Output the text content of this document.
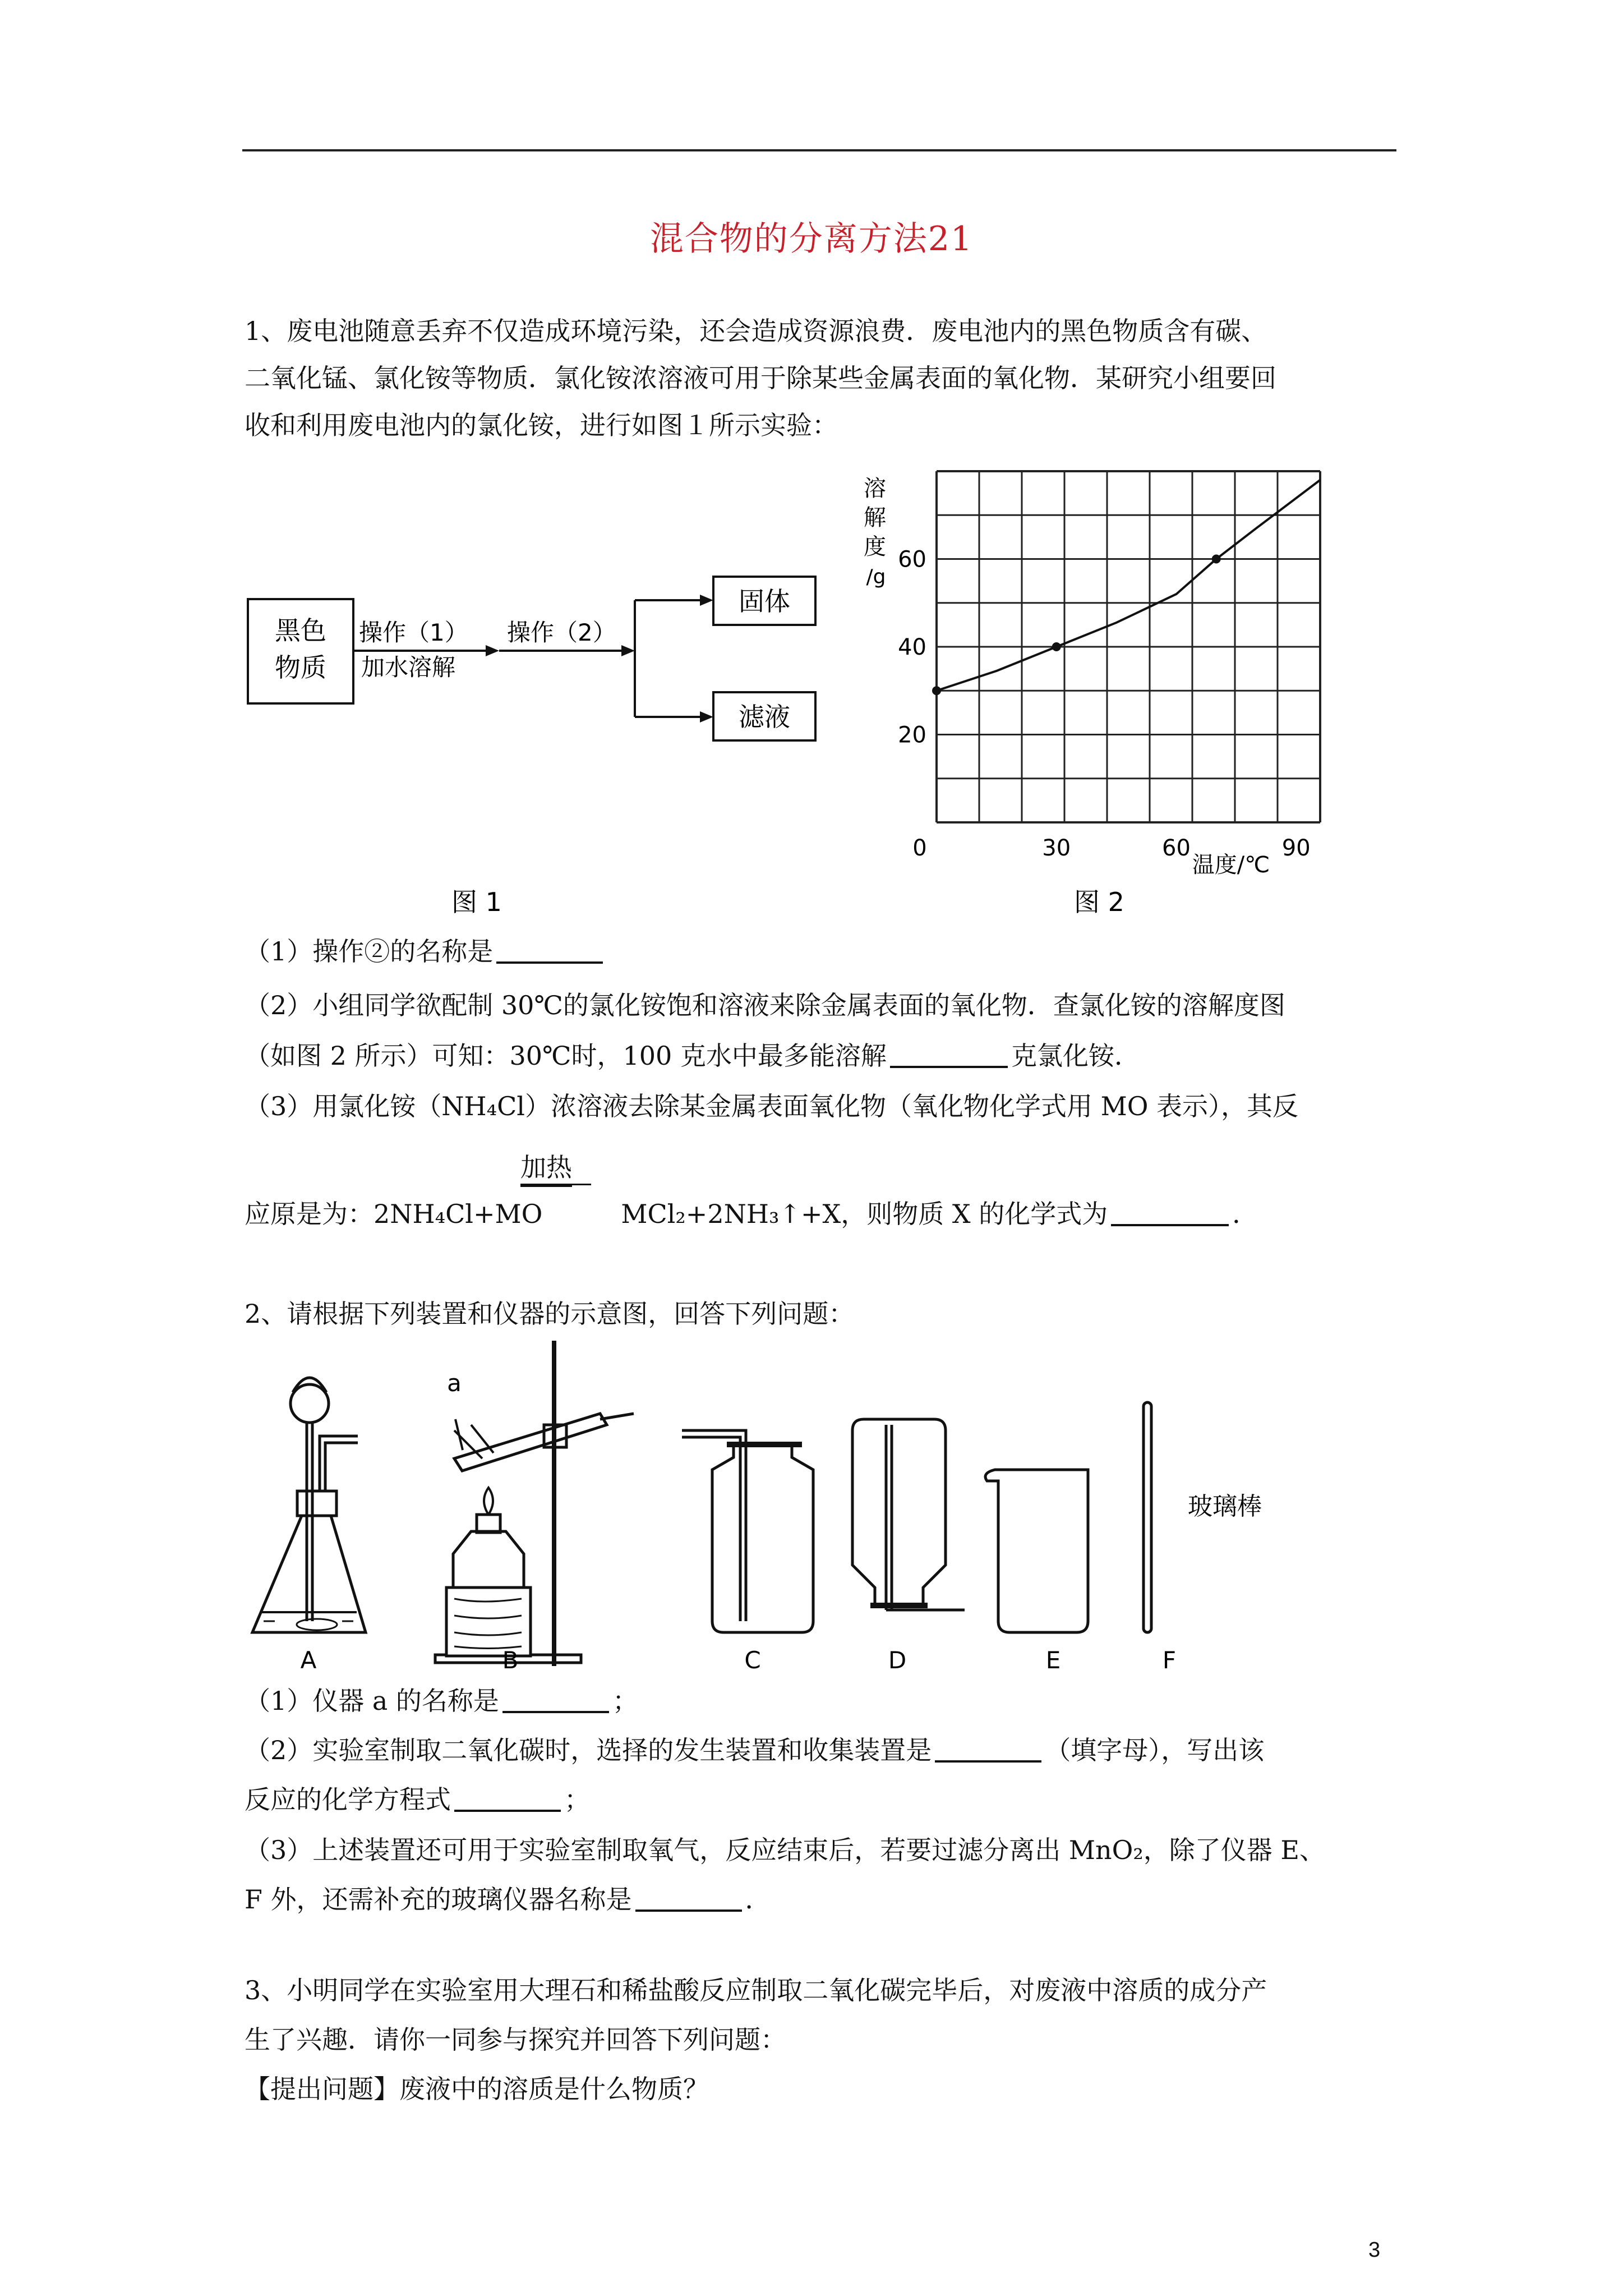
混合物的分离方法21
1、废电池随意丢弃不仅造成环境污染，还会造成资源浪费．废电池内的黑色物质含有碳、
二氧化锰、氯化铵等物质．氯化铵浓溶液可用于除某些金属表面的氧化物．某研究小组要回
收和利用废电池内的氯化铵，进行如图１所示实验：
黑色
物质
操作（1）
加水溶解
操作（2）
固体
滤液
图 1
0	30	60	90
20
40
60
溶
解
度
/g
温度/℃
图 2
（1）操作②的名称是
（2）小组同学欲配制 30℃的氯化铵饱和溶液来除金属表面的氧化物．查氯化铵的溶解度图
（如图 2 所示）可知：30℃时，100 克水中最多能溶解	克氯化铵．
（3）用氯化铵（NH₄Cl）浓溶液去除某金属表面氧化物（氧化物化学式用 MO 表示），其反
加热
应原是为：2NH₄Cl+MO	MCl₂+2NH₃↑+X，则物质 X 的化学式为	．
2、请根据下列装置和仪器的示意图，回答下列问题：
a
玻璃棒
A	B	C	D	E	F
（1）仪器 a 的名称是	；
（2）实验室制取二氧化碳时，选择的发生装置和收集装置是	（填字母），写出该
反应的化学方程式	；
（3）上述装置还可用于实验室制取氧气，反应结束后，若要过滤分离出 MnO₂，除了仪器 E、
F 外，还需补充的玻璃仪器名称是	．
3、小明同学在实验室用大理石和稀盐酸反应制取二氧化碳完毕后，对废液中溶质的成分产
生了兴趣．请你一同参与探究并回答下列问题：
【提出问题】废液中的溶质是什么物质？
3
